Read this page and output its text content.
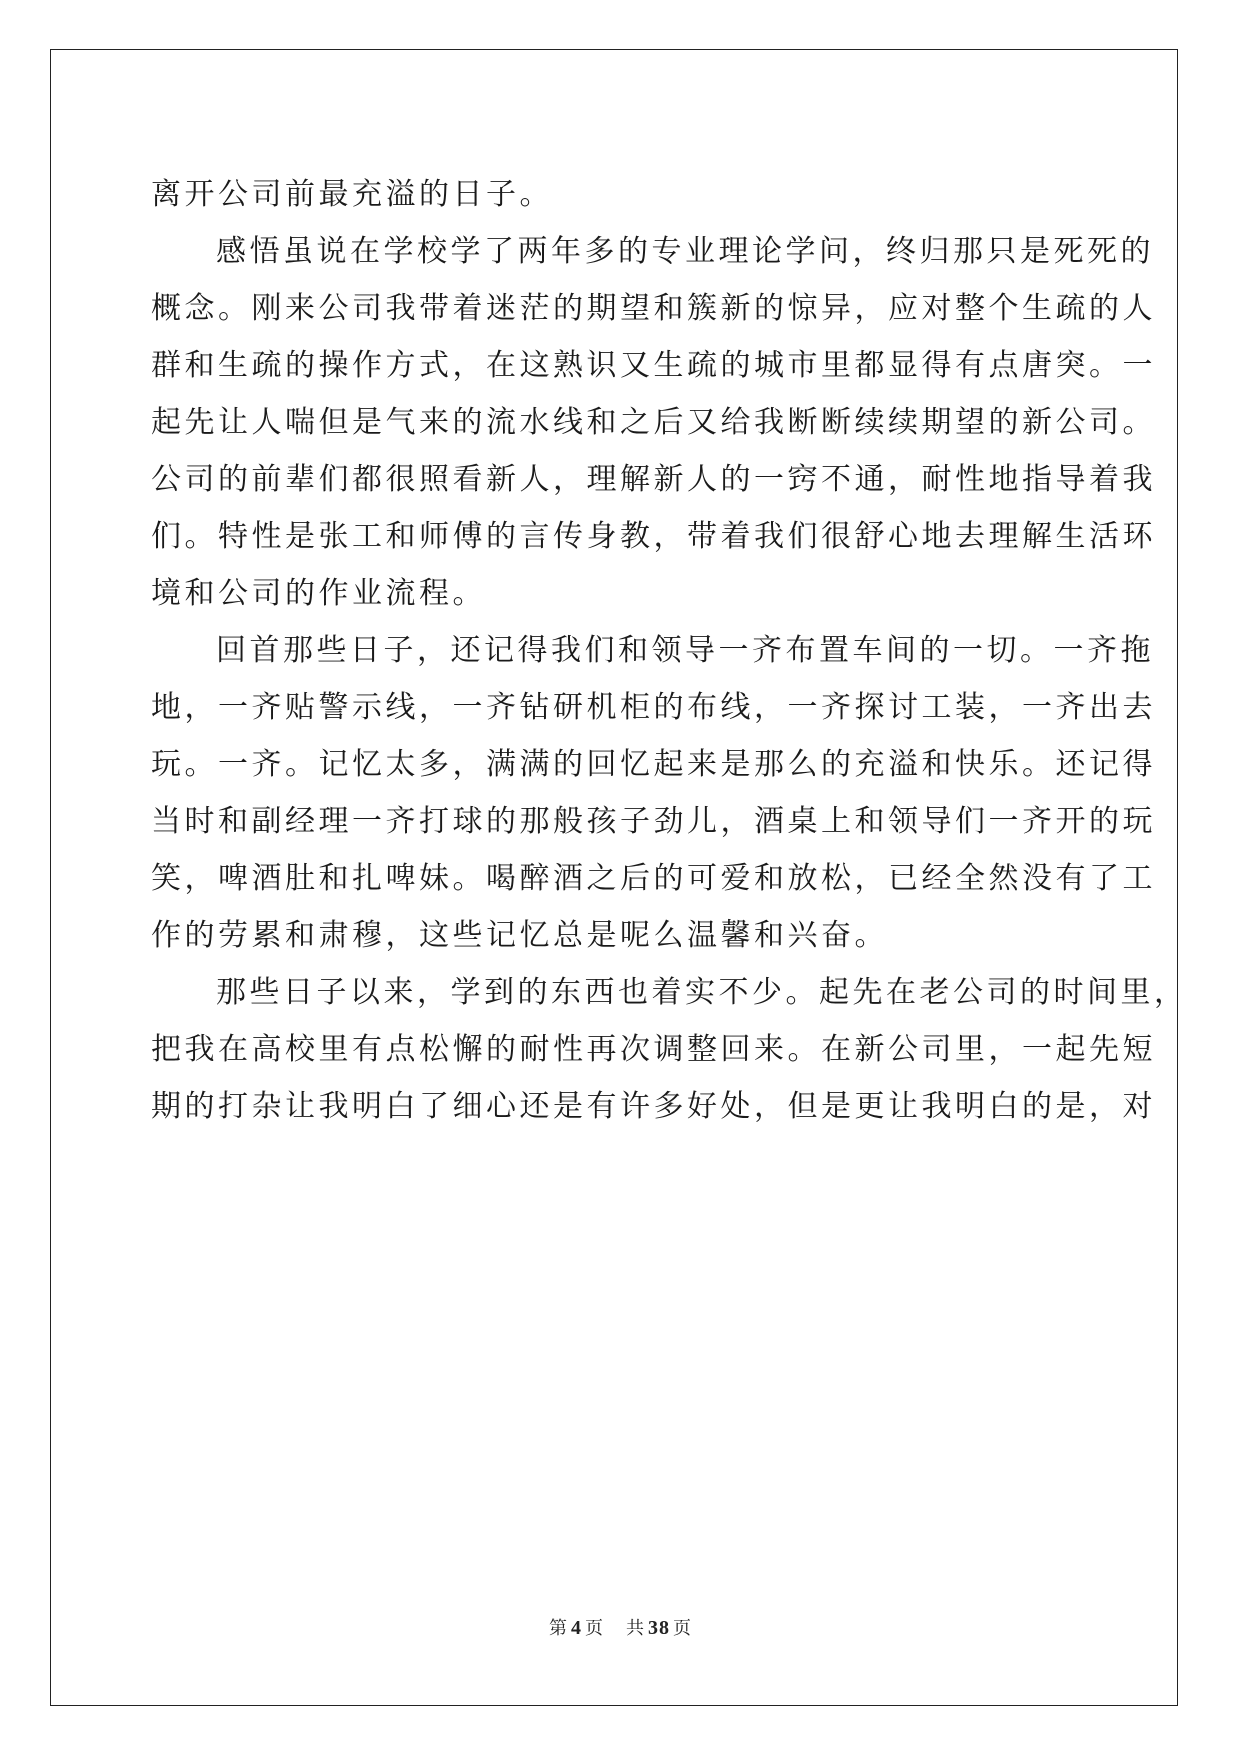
离开公司前最充溢的日子。
感悟虽说在学校学了两年多的专业理论学问，终归那只是死死的
概念。刚来公司我带着迷茫的期望和簇新的惊异，应对整个生疏的人
群和生疏的操作方式，在这熟识又生疏的城市里都显得有点唐突。一
起先让人喘但是气来的流水线和之后又给我断断续续期望的新公司。
公司的前辈们都很照看新人，理解新人的一窍不通，耐性地指导着我
们。特性是张工和师傅的言传身教，带着我们很舒心地去理解生活环
境和公司的作业流程。
回首那些日子，还记得我们和领导一齐布置车间的一切。一齐拖
地，一齐贴警示线，一齐钻研机柜的布线，一齐探讨工装，一齐出去
玩。一齐。记忆太多，满满的回忆起来是那么的充溢和快乐。还记得
当时和副经理一齐打球的那般孩子劲儿，酒桌上和领导们一齐开的玩
笑，啤酒肚和扎啤妹。喝醉酒之后的可爱和放松，已经全然没有了工
作的劳累和肃穆，这些记忆总是呢么温馨和兴奋。
那些日子以来，学到的东西也着实不少。起先在老公司的时间里，
把我在高校里有点松懈的耐性再次调整回来。在新公司里，一起先短
期的打杂让我明白了细心还是有许多好处，但是更让我明白的是，对
第 4 页 共 38 页
